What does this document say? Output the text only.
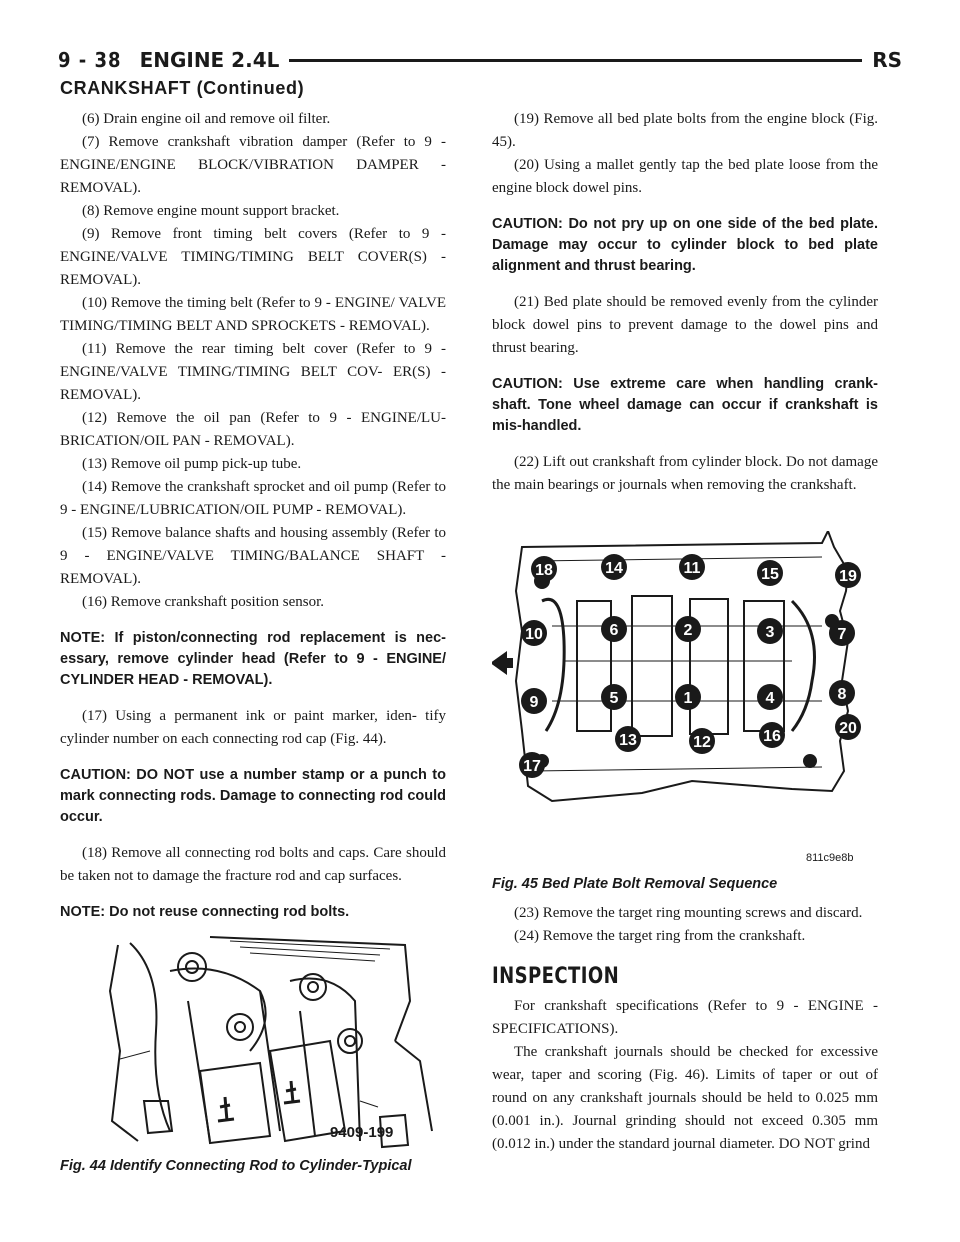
9 - 38 ENGINE 2.4L	RS
CRANKSHAFT (Continued)

(6) Drain engine oil and remove oil filter.

(7) Remove crankshaft vibration damper (Refer to 9 - ENGINE/ENGINE BLOCK/VIBRATION DAMPER - REMOVAL).

(8) Remove engine mount support bracket.

(9) Remove front timing belt covers (Refer to 9 - ENGINE/VALVE TIMING/TIMING BELT COVER(S) - REMOVAL).

(10) Remove the timing belt (Refer to 9 - ENGINE/ VALVE TIMING/TIMING BELT AND SPROCKETS - REMOVAL).

(11) Remove the rear timing belt cover (Refer to 9 - ENGINE/VALVE TIMING/TIMING BELT COV- ER(S) - REMOVAL).

(12) Remove the oil pan (Refer to 9 - ENGINE/LU- BRICATION/OIL PAN - REMOVAL).

(13) Remove oil pump pick-up tube.

(14) Remove the crankshaft sprocket and oil pump (Refer to 9 - ENGINE/LUBRICATION/OIL PUMP - REMOVAL).

(15) Remove balance shafts and housing assembly (Refer to 9 - ENGINE/VALVE TIMING/BALANCE SHAFT - REMOVAL).

(16) Remove crankshaft position sensor.

NOTE: If piston/connecting rod replacement is nec- essary, remove cylinder head (Refer to 9 - ENGINE/ CYLINDER HEAD - REMOVAL).

(17) Using a permanent ink or paint marker, iden- tify cylinder number on each connecting rod cap (Fig. 44).

CAUTION: DO NOT use a number stamp or a punch to mark connecting rods. Damage to connecting rod could occur.

(18) Remove all connecting rod bolts and caps. Care should be taken not to damage the fracture rod and cap surfaces.

NOTE: Do not reuse connecting rod bolts.

9409-199
Fig. 44 Identify Connecting Rod to Cylinder-Typical

(19) Remove all bed plate bolts from the engine block (Fig. 45).

(20) Using a mallet gently tap the bed plate loose from the engine block dowel pins.

CAUTION: Do not pry up on one side of the bed plate. Damage may occur to cylinder block to bed plate alignment and thrust bearing.

(21) Bed plate should be removed evenly from the cylinder block dowel pins to prevent damage to the dowel pins and thrust bearing.

CAUTION: Use extreme care when handling crank- shaft. Tone wheel damage can occur if crankshaft is mis-handled.

(22) Lift out crankshaft from cylinder block. Do not damage the main bearings or journals when removing the crankshaft.

1
2	3
4
5
6	7
8
9
10
11
12
13
14	15
16
17
18	19
20
811c9e8b
Fig. 45 Bed Plate Bolt Removal Sequence

(23) Remove the target ring mounting screws and discard.

(24) Remove the target ring from the crankshaft.

INSPECTION

For crankshaft specifications (Refer to 9 - ENGINE - SPECIFICATIONS).

The crankshaft journals should be checked for excessive wear, taper and scoring (Fig. 46). Limits of taper or out of round on any crankshaft journals should be held to 0.025 mm (0.001 in.). Journal grinding should not exceed 0.305 mm (0.012 in.) under the standard journal diameter. DO NOT grind
